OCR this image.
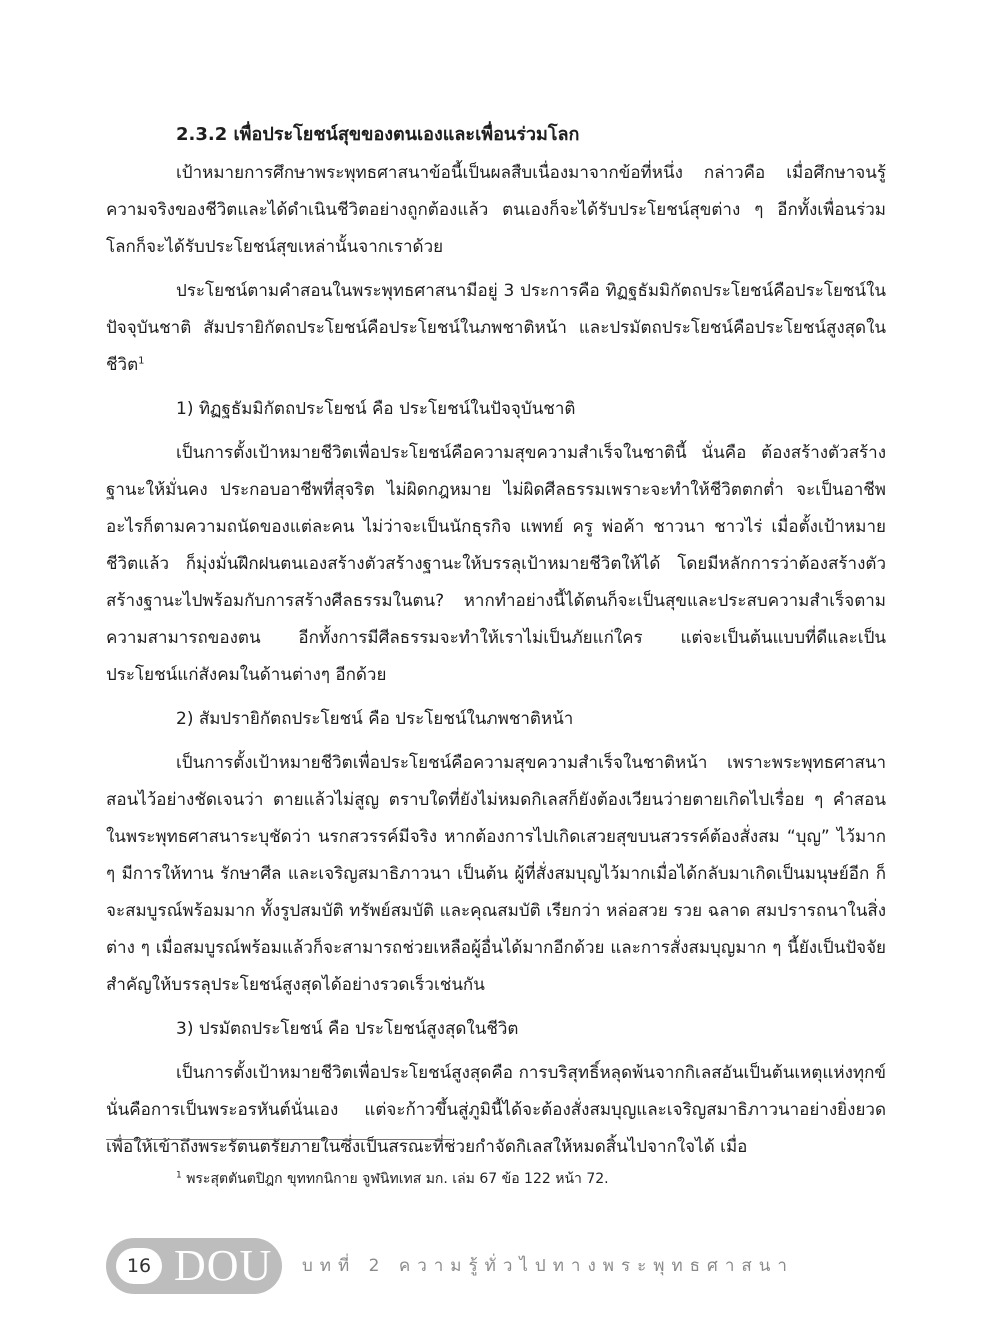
2.3.2 เพื่อประโยชน์สุขของตนเองและเพื่อนร่วมโลก

เป้าหมายการศึกษาพระพุทธศาสนาข้อนี้เป็นผลสืบเนื่องมาจากข้อที่หนึ่ง กล่าวคือ เมื่อศึกษาจนรู้ความจริงของชีวิตและได้ดำเนินชีวิตอย่างถูกต้องแล้ว ตนเองก็จะได้รับประโยชน์สุขต่าง ๆ อีกทั้งเพื่อนร่วมโลกก็จะได้รับประโยชน์สุขเหล่านั้นจากเราด้วย

ประโยชน์ตามคำสอนในพระพุทธศาสนามีอยู่ 3 ประการคือ ทิฏฐธัมมิกัตถประโยชน์คือประโยชน์ในปัจจุบันชาติ สัมปรายิกัตถประโยชน์คือประโยชน์ในภพชาติหน้า และปรมัตถประโยชน์คือประโยชน์สูงสุดในชีวิต$^1$

1) ทิฏฐธัมมิกัตถประโยชน์ คือ ประโยชน์ในปัจจุบันชาติ

เป็นการตั้งเป้าหมายชีวิตเพื่อประโยชน์คือความสุขความสำเร็จในชาตินี้ นั่นคือ ต้องสร้างตัวสร้างฐานะให้มั่นคง ประกอบอาชีพที่สุจริต ไม่ผิดกฎหมาย ไม่ผิดศีลธรรมเพราะจะทำให้ชีวิตตกต่ำ จะเป็นอาชีพอะไรก็ตามความถนัดของแต่ละคน ไม่ว่าจะเป็นนักธุรกิจ แพทย์ ครู พ่อค้า ชาวนา ชาวไร่ เมื่อตั้งเป้าหมายชีวิตแล้ว ก็มุ่งมั่นฝึกฝนตนเองสร้างตัวสร้างฐานะให้บรรลุเป้าหมายชีวิตให้ได้ โดยมีหลักการว่าต้องสร้างตัวสร้างฐานะไปพร้อมกับการสร้างศีลธรรมในตน? หากทำอย่างนี้ได้ตนก็จะเป็นสุขและประสบความสำเร็จตามความสามารถของตน อีกทั้งการมีศีลธรรมจะทำให้เราไม่เป็นภัยแก่ใคร แต่จะเป็นต้นแบบที่ดีและเป็นประโยชน์แก่สังคมในด้านต่างๆ อีกด้วย

2) สัมปรายิกัตถประโยชน์ คือ ประโยชน์ในภพชาติหน้า

เป็นการตั้งเป้าหมายชีวิตเพื่อประโยชน์คือความสุขความสำเร็จในชาติหน้า เพราะพระพุทธศาสนาสอนไว้อย่างชัดเจนว่า ตายแล้วไม่สูญ ตราบใดที่ยังไม่หมดกิเลสก็ยังต้องเวียนว่ายตายเกิดไปเรื่อย ๆ คำสอนในพระพุทธศาสนาระบุชัดว่า นรกสวรรค์มีจริง หากต้องการไปเกิดเสวยสุขบนสวรรค์ต้องสั่งสม “บุญ” ไว้มาก ๆ มีการให้ทาน รักษาศีล และเจริญสมาธิภาวนา เป็นต้น ผู้ที่สั่งสมบุญไว้มากเมื่อได้กลับมาเกิดเป็นมนุษย์อีก ก็จะสมบูรณ์พร้อมมาก ทั้งรูปสมบัติ ทรัพย์สมบัติ และคุณสมบัติ เรียกว่า หล่อสวย รวย ฉลาด สมปรารถนาในสิ่งต่าง ๆ เมื่อสมบูรณ์พร้อมแล้วก็จะสามารถช่วยเหลือผู้อื่นได้มากอีกด้วย และการสั่งสมบุญมาก ๆ นี้ยังเป็นปัจจัยสำคัญให้บรรลุประโยชน์สูงสุดได้อย่างรวดเร็วเช่นกัน

3) ปรมัตถประโยชน์ คือ ประโยชน์สูงสุดในชีวิต

เป็นการตั้งเป้าหมายชีวิตเพื่อประโยชน์สูงสุดคือ การบริสุทธิ์หลุดพ้นจากกิเลสอันเป็นต้นเหตุแห่งทุกข์นั่นคือการเป็นพระอรหันต์นั่นเอง แต่จะก้าวขึ้นสู่ภูมินี้ได้จะต้องสั่งสมบุญและเจริญสมาธิภาวนาอย่างยิ่งยวด เพื่อให้เข้าถึงพระรัตนตรัยภายในซึ่งเป็นสรณะที่ช่วยกำจัดกิเลสให้หมดสิ้นไปจากใจได้ เมื่อ

$^1$ พระสุตตันตปิฎก ขุททกนิกาย จูฬนิทเทส มก. เล่ม 67 ข้อ 122 หน้า 72.
16 DOU บทที่ 2 ความรู้ทั่วไปทางพระพุทธศาสนา
